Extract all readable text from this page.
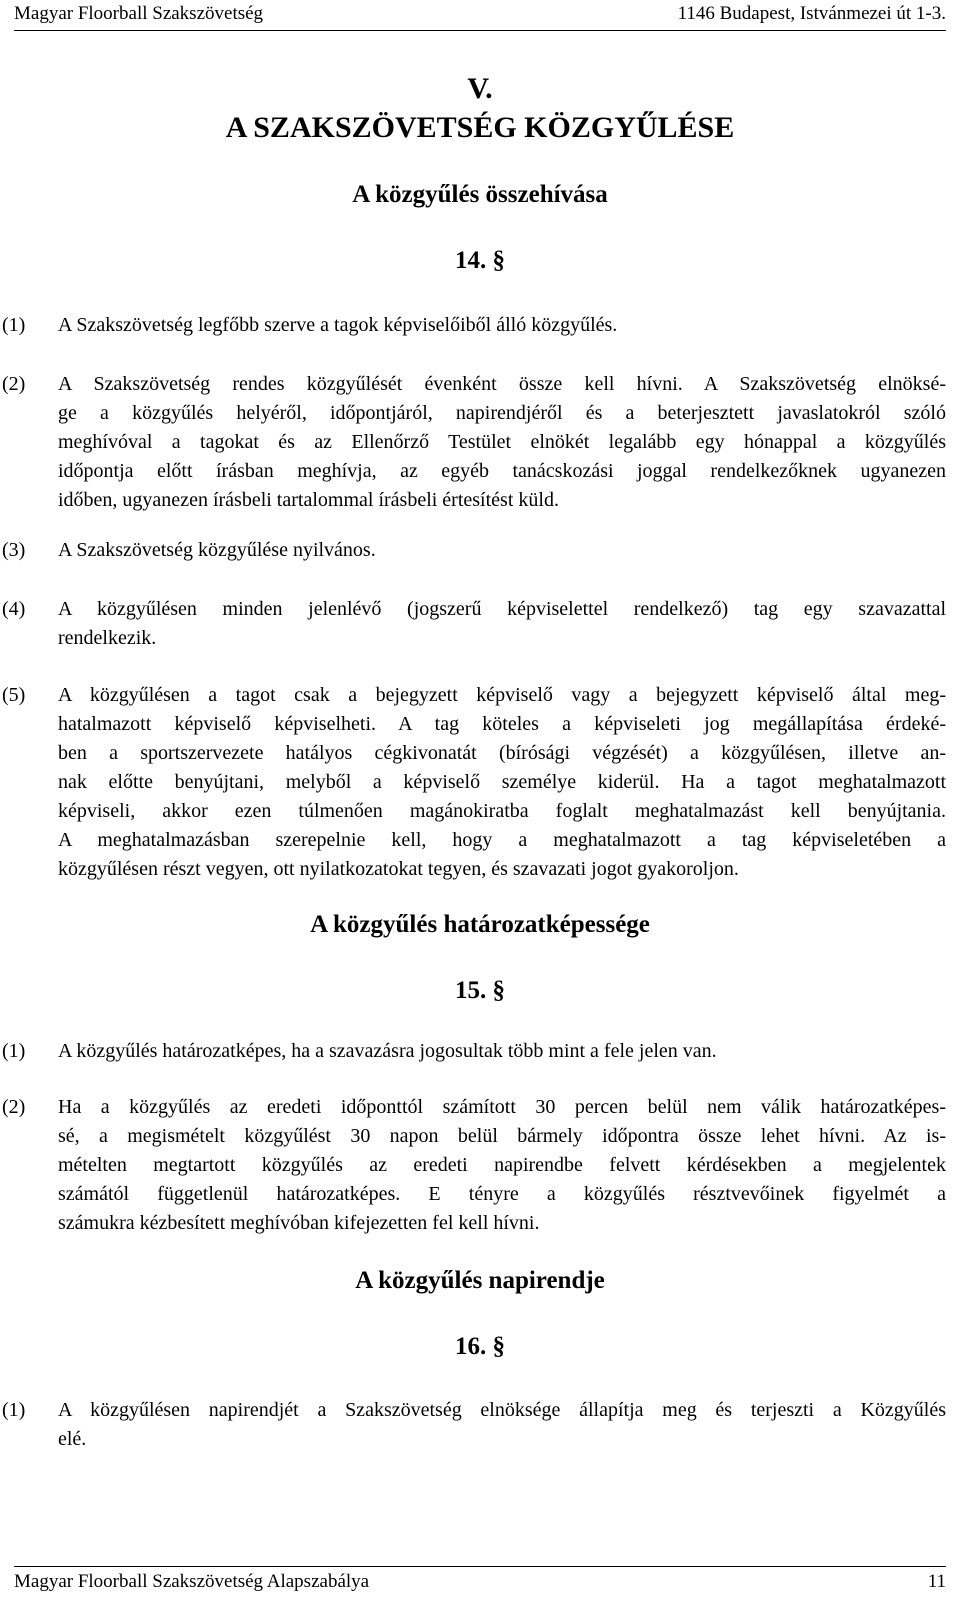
Magyar Floorball Szakszövetség	1146 Budapest, Istvánmezei út 1-3.
V.
A SZAKSZÖVETSÉG KÖZGYŰLÉSE
A közgyűlés összehívása
14. §
(1) A Szakszövetség legfőbb szerve a tagok képviselőiből álló közgyűlés.
(2) A Szakszövetség rendes közgyűlését évenként össze kell hívni. A Szakszövetség elnöksé-
ge a közgyűlés helyéről, időpontjáról, napirendjéről és a beterjesztett javaslatokról szóló
meghívóval a tagokat és az Ellenőrző Testület elnökét legalább egy hónappal a közgyűlés
időpontja előtt írásban meghívja, az egyéb tanácskozási joggal rendelkezőknek ugyanezen
időben, ugyanezen írásbeli tartalommal írásbeli értesítést küld.
(3) A Szakszövetség közgyűlése nyilvános.
(4) A közgyűlésen minden jelenlévő (jogszerű képviselettel rendelkező) tag egy szavazattal
rendelkezik.
(5) A közgyűlésen a tagot csak a bejegyzett képviselő vagy a bejegyzett képviselő által meg-
hatalmazott képviselő képviselheti. A tag köteles a képviseleti jog megállapítása érdeké-
ben a sportszervezete hatályos cégkivonatát (bírósági végzését) a közgyűlésen, illetve an-
nak előtte benyújtani, melyből a képviselő személye kiderül. Ha a tagot meghatalmazott
képviseli, akkor ezen túlmenően magánokiratba foglalt meghatalmazást kell benyújtania.
A meghatalmazásban szerepelnie kell, hogy a meghatalmazott a tag képviseletében a
közgyűlésen részt vegyen, ott nyilatkozatokat tegyen, és szavazati jogot gyakoroljon.
A közgyűlés határozatképessége
15. §
(1) A közgyűlés határozatképes, ha a szavazásra jogosultak több mint a fele jelen van.
(2) Ha a közgyűlés az eredeti időponttól számított 30 percen belül nem válik határozatképes-
sé, a megismételt közgyűlést 30 napon belül bármely időpontra össze lehet hívni. Az is-
mételten megtartott közgyűlés az eredeti napirendbe felvett kérdésekben a megjelentek
számától függetlenül határozatképes. E tényre a közgyűlés résztvevőinek figyelmét a
számukra kézbesített meghívóban kifejezetten fel kell hívni.
A közgyűlés napirendje
16. §
(1) A közgyűlésen napirendjét a Szakszövetség elnöksége állapítja meg és terjeszti a Közgyűlés
elé.
Magyar Floorball Szakszövetség Alapszabálya	11
